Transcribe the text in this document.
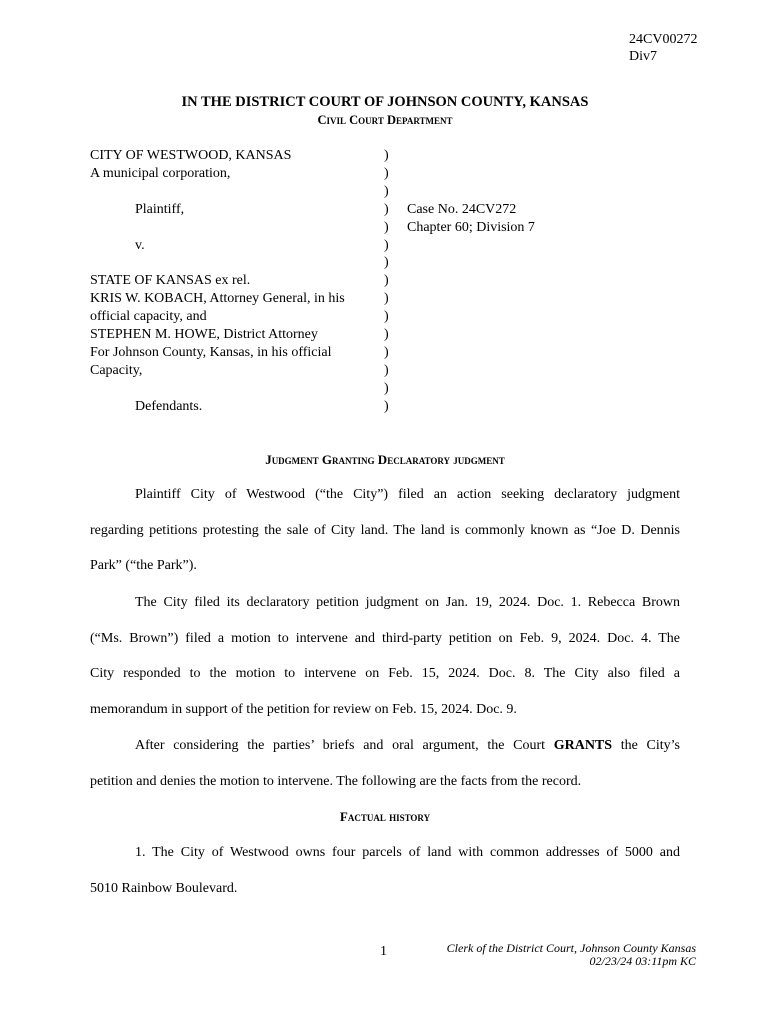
24CV00272
Div7
IN THE DISTRICT COURT OF JOHNSON COUNTY, KANSAS
Civil Court Department
CITY OF WESTWOOD, KANSAS
A municipal corporation,

Plaintiff,

v.

STATE OF KANSAS ex rel.
KRIS W. KOBACH, Attorney General, in his
official capacity, and
STEPHEN M. HOWE, District Attorney
For Johnson County, Kansas, in his official
Capacity,

Defendants.
)
)
)
)
)
)
)
)
)
)
)
)
)
)
)
Case No. 24CV272
Chapter 60; Division 7
Judgment Granting Declaratory judgment
Plaintiff City of Westwood (“the City”) filed an action seeking declaratory judgment
regarding petitions protesting the sale of City land. The land is commonly known as “Joe D. Dennis
Park” (“the Park”).
The City filed its declaratory petition judgment on Jan. 19, 2024. Doc. 1. Rebecca Brown
(“Ms. Brown”) filed a motion to intervene and third-party petition on Feb. 9, 2024. Doc. 4. The
City responded to the motion to intervene on Feb. 15, 2024. Doc. 8. The City also filed a
memorandum in support of the petition for review on Feb. 15, 2024. Doc. 9.
After considering the parties’ briefs and oral argument, the Court GRANTS the City’s
petition and denies the motion to intervene. The following are the facts from the record.
Factual history
1. The City of Westwood owns four parcels of land with common addresses of 5000 and
5010 Rainbow Boulevard.
1	Clerk of the District Court, Johnson County Kansas
02/23/24 03:11pm KC
